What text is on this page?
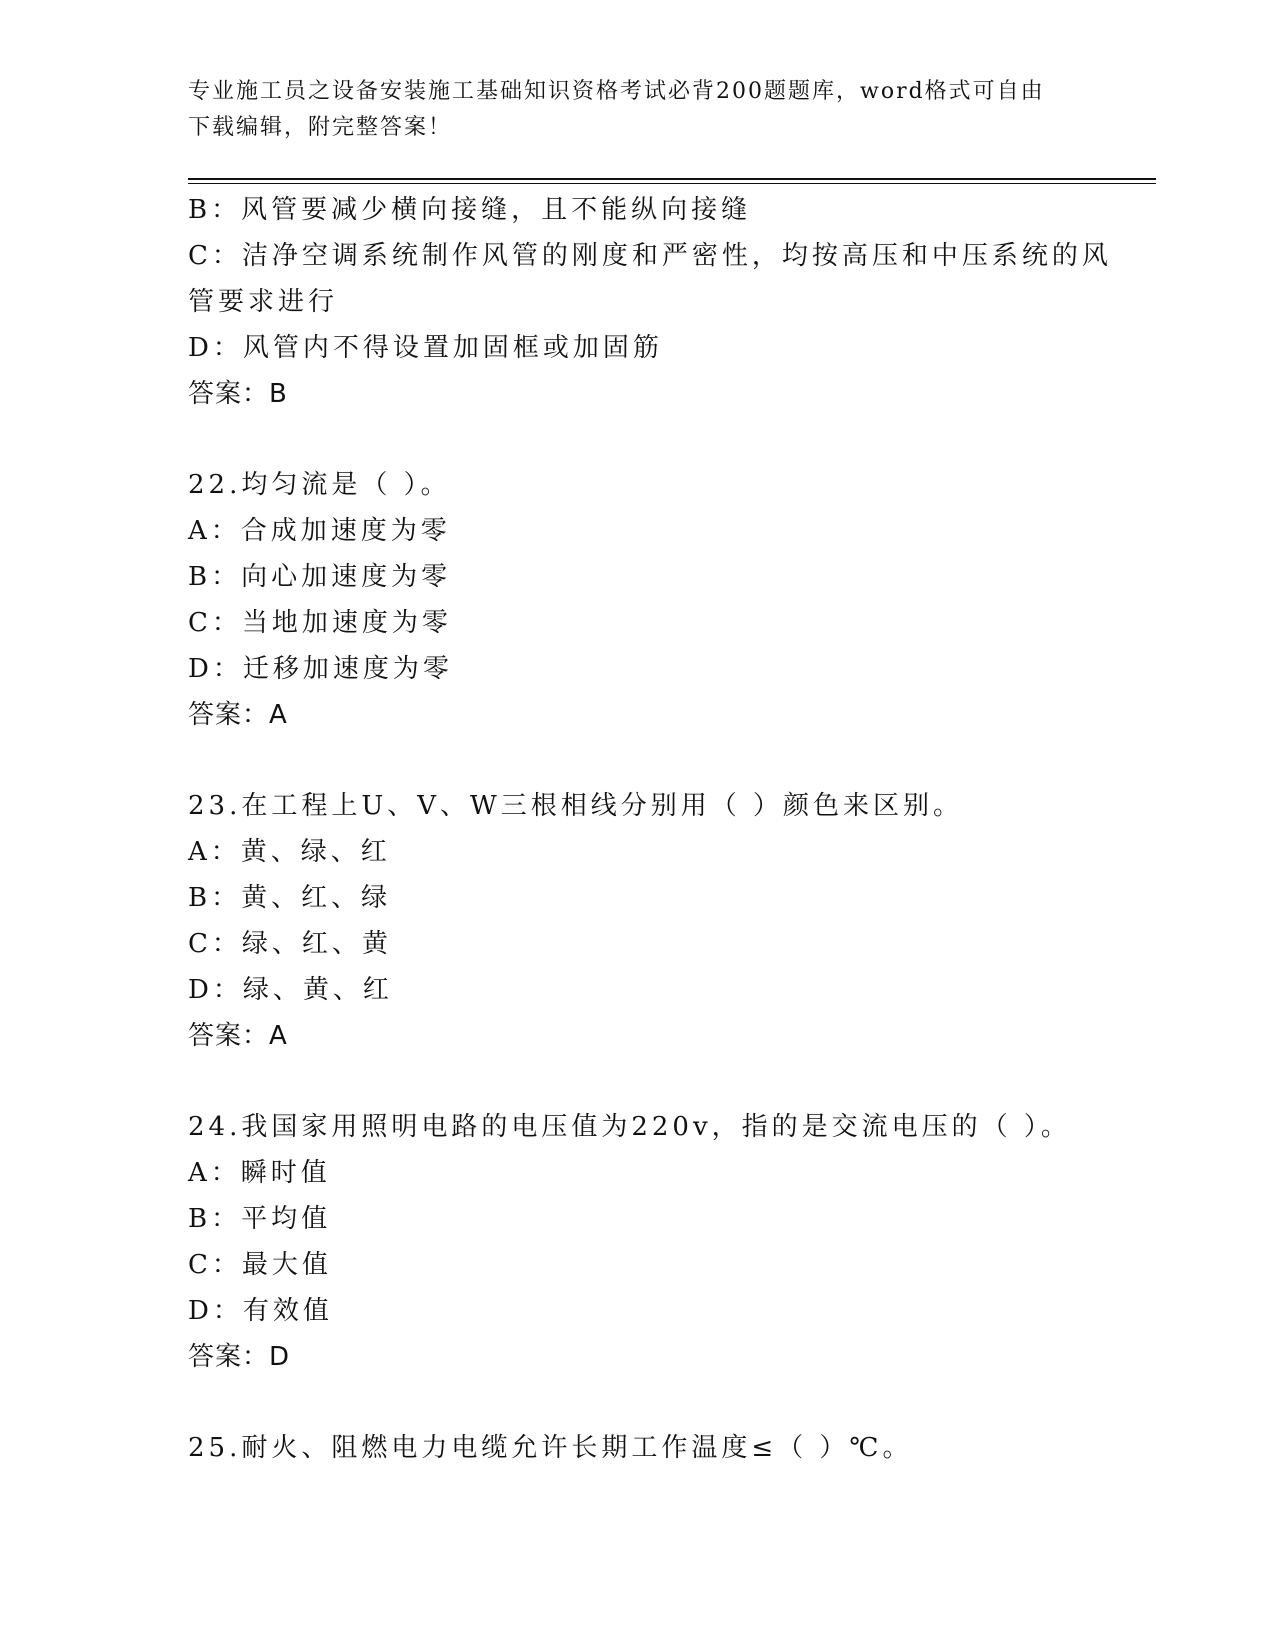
专业施工员之设备安装施工基础知识资格考试必背200题题库，word格式可自由
下载编辑，附完整答案！
B：风管要减少横向接缝，且不能纵向接缝
C：洁净空调系统制作风管的刚度和严密性，均按高压和中压系统的风
管要求进行
D：风管内不得设置加固框或加固筋
答案：B
22.均匀流是（ ）。
A：合成加速度为零
B：向心加速度为零
C：当地加速度为零
D：迁移加速度为零
答案：A
23.在工程上U、V、W三根相线分别用（ ）颜色来区别。
A：黄、绿、红
B：黄、红、绿
C：绿、红、黄
D：绿、黄、红
答案：A
24.我国家用照明电路的电压值为220v，指的是交流电压的（ ）。
A：瞬时值
B：平均值
C：最大值
D：有效值
答案：D
25.耐火、阻燃电力电缆允许长期工作温度≤（ ）℃。
